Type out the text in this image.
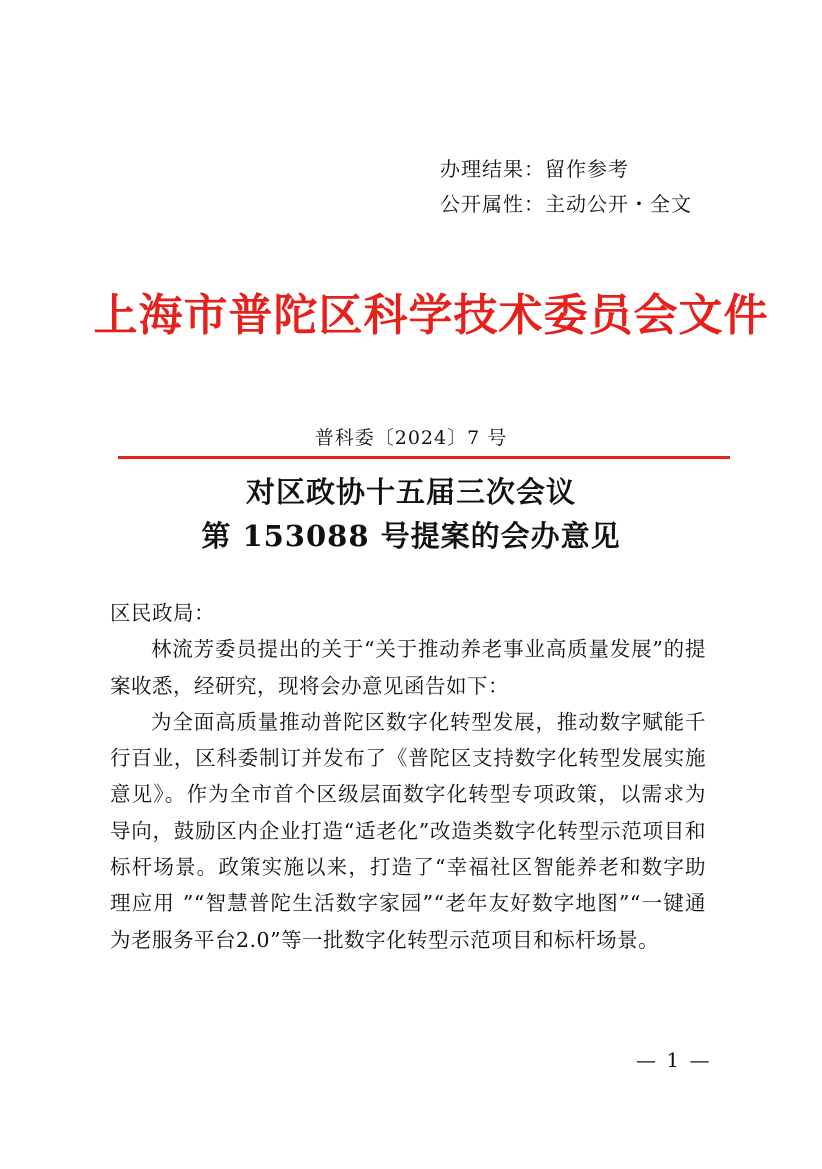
办理结果：留作参考
公开属性：主动公开・全文
上海市普陀区科学技术委员会文件
普科委〔2024〕7 号
对区政协十五届三次会议
第 153088 号提案的会办意见

区民政局：

林流芳委员提出的关于“关于推动养老事业高质量发展”的提案收悉，经研究，现将会办意见函告如下：

为全面高质量推动普陀区数字化转型发展，推动数字赋能千行百业，区科委制订并发布了《普陀区支持数字化转型发展实施意见》。作为全市首个区级层面数字化转型专项政策，以需求为导向，鼓励区内企业打造“适老化”改造类数字化转型示范项目和标杆场景。政策实施以来，打造了“幸福社区智能养老和数字助理应用 ”“智慧普陀生活数字家园”“老年友好数字地图”“一键通为老服务平台2.0”等一批数字化转型示范项目和标杆场景。

— 1 —
